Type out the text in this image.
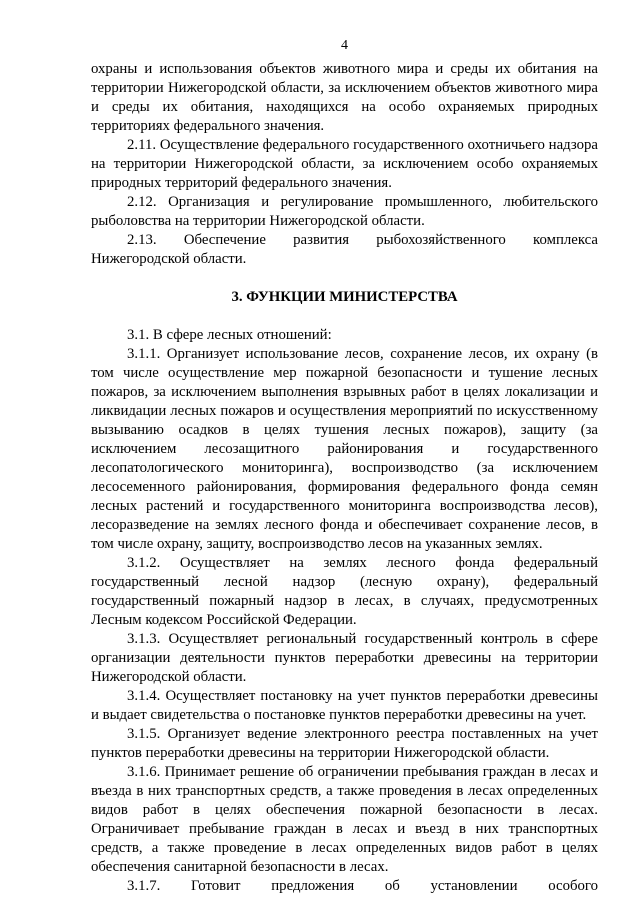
4

охраны и использования объектов животного мира и среды их обитания на территории Нижегородской области, за исключением объектов животного мира и среды их обитания, находящихся на особо охраняемых природных территориях федерального значения.

2.11. Осуществление федерального государственного охотничьего надзора на территории Нижегородской области, за исключением особо охраняемых природных территорий федерального значения.

2.12. Организация и регулирование промышленного, любительского рыболовства на территории Нижегородской области.

2.13. Обеспечение развития рыбохозяйственного комплекса Нижегородской области.

3. ФУНКЦИИ МИНИСТЕРСТВА

3.1. В сфере лесных отношений:

3.1.1. Организует использование лесов, сохранение лесов, их охрану (в том числе осуществление мер пожарной безопасности и тушение лесных пожаров, за исключением выполнения взрывных работ в целях локализации и ликвидации лесных пожаров и осуществления мероприятий по искусственному вызыванию осадков в целях тушения лесных пожаров), защиту (за исключением лесозащитного районирования и государственного лесопатологического мониторинга), воспроизводство (за исключением лесосеменного районирования, формирования федерального фонда семян лесных растений и государственного мониторинга воспроизводства лесов), лесоразведение на землях лесного фонда и обеспечивает сохранение лесов, в том числе охрану, защиту, воспроизводство лесов на указанных землях.

3.1.2. Осуществляет на землях лесного фонда федеральный государственный лесной надзор (лесную охрану), федеральный государственный пожарный надзор в лесах, в случаях, предусмотренных Лесным кодексом Российской Федерации.

3.1.3. Осуществляет региональный государственный контроль в сфере организации деятельности пунктов переработки древесины на территории Нижегородской области.

3.1.4. Осуществляет постановку на учет пунктов переработки древесины и выдает свидетельства о постановке пунктов переработки древесины на учет.

3.1.5. Организует ведение электронного реестра поставленных на учет пунктов переработки древесины на территории Нижегородской области.

3.1.6. Принимает решение об ограничении пребывания граждан в лесах и въезда в них транспортных средств, а также проведения в лесах определенных видов работ в целях обеспечения пожарной безопасности в лесах. Ограничивает пребывание граждан в лесах и въезд в них транспортных средств, а также проведение в лесах определенных видов работ в целях обеспечения санитарной безопасности в лесах.

3.1.7. Готовит предложения об установлении особого
